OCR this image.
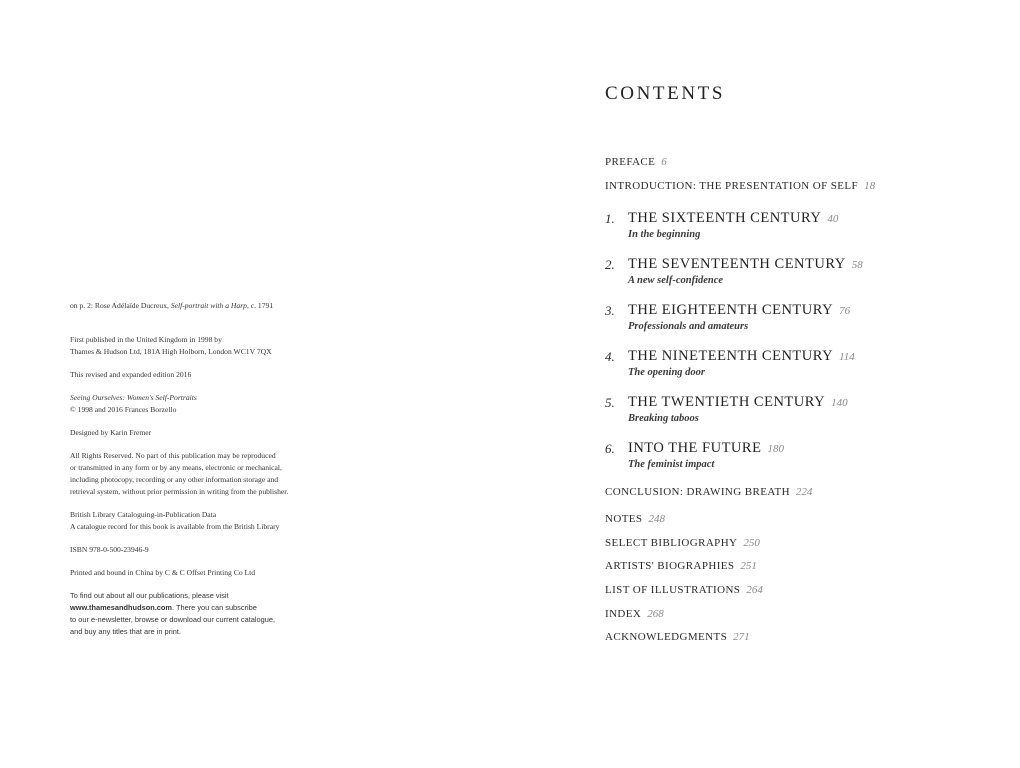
on p. 2: Rose Adélaïde Ducreux, Self-portrait with a Harp, c. 1791
First published in the United Kingdom in 1998 by
Thames & Hudson Ltd, 181A High Holborn, London WC1V 7QX
This revised and expanded edition 2016
Seeing Ourselves: Women's Self-Portraits
© 1998 and 2016 Frances Borzello
Designed by Karin Fremer
All Rights Reserved. No part of this publication may be reproduced
or transmitted in any form or by any means, electronic or mechanical,
including photocopy, recording or any other information storage and
retrieval system, without prior permission in writing from the publisher.
British Library Cataloguing-in-Publication Data
A catalogue record for this book is available from the British Library
ISBN 978-0-500-23946-9
Printed and bound in China by C & C Offset Printing Co Ltd
To find out about all our publications, please visit
www.thamesandhudson.com. There you can subscribe
to our e-newsletter, browse or download our current catalogue,
and buy any titles that are in print.
CONTENTS
PREFACE 6
INTRODUCTION: THE PRESENTATION OF SELF 18
1. THE SIXTEENTH CENTURY 40
In the beginning
2. THE SEVENTEENTH CENTURY 58
A new self-confidence
3. THE EIGHTEENTH CENTURY 76
Professionals and amateurs
4. THE NINETEENTH CENTURY 114
The opening door
5. THE TWENTIETH CENTURY 140
Breaking taboos
6. INTO THE FUTURE 180
The feminist impact
CONCLUSION: DRAWING BREATH 224
NOTES 248
SELECT BIBLIOGRAPHY 250
ARTISTS' BIOGRAPHIES 251
LIST OF ILLUSTRATIONS 264
INDEX 268
ACKNOWLEDGMENTS 271
